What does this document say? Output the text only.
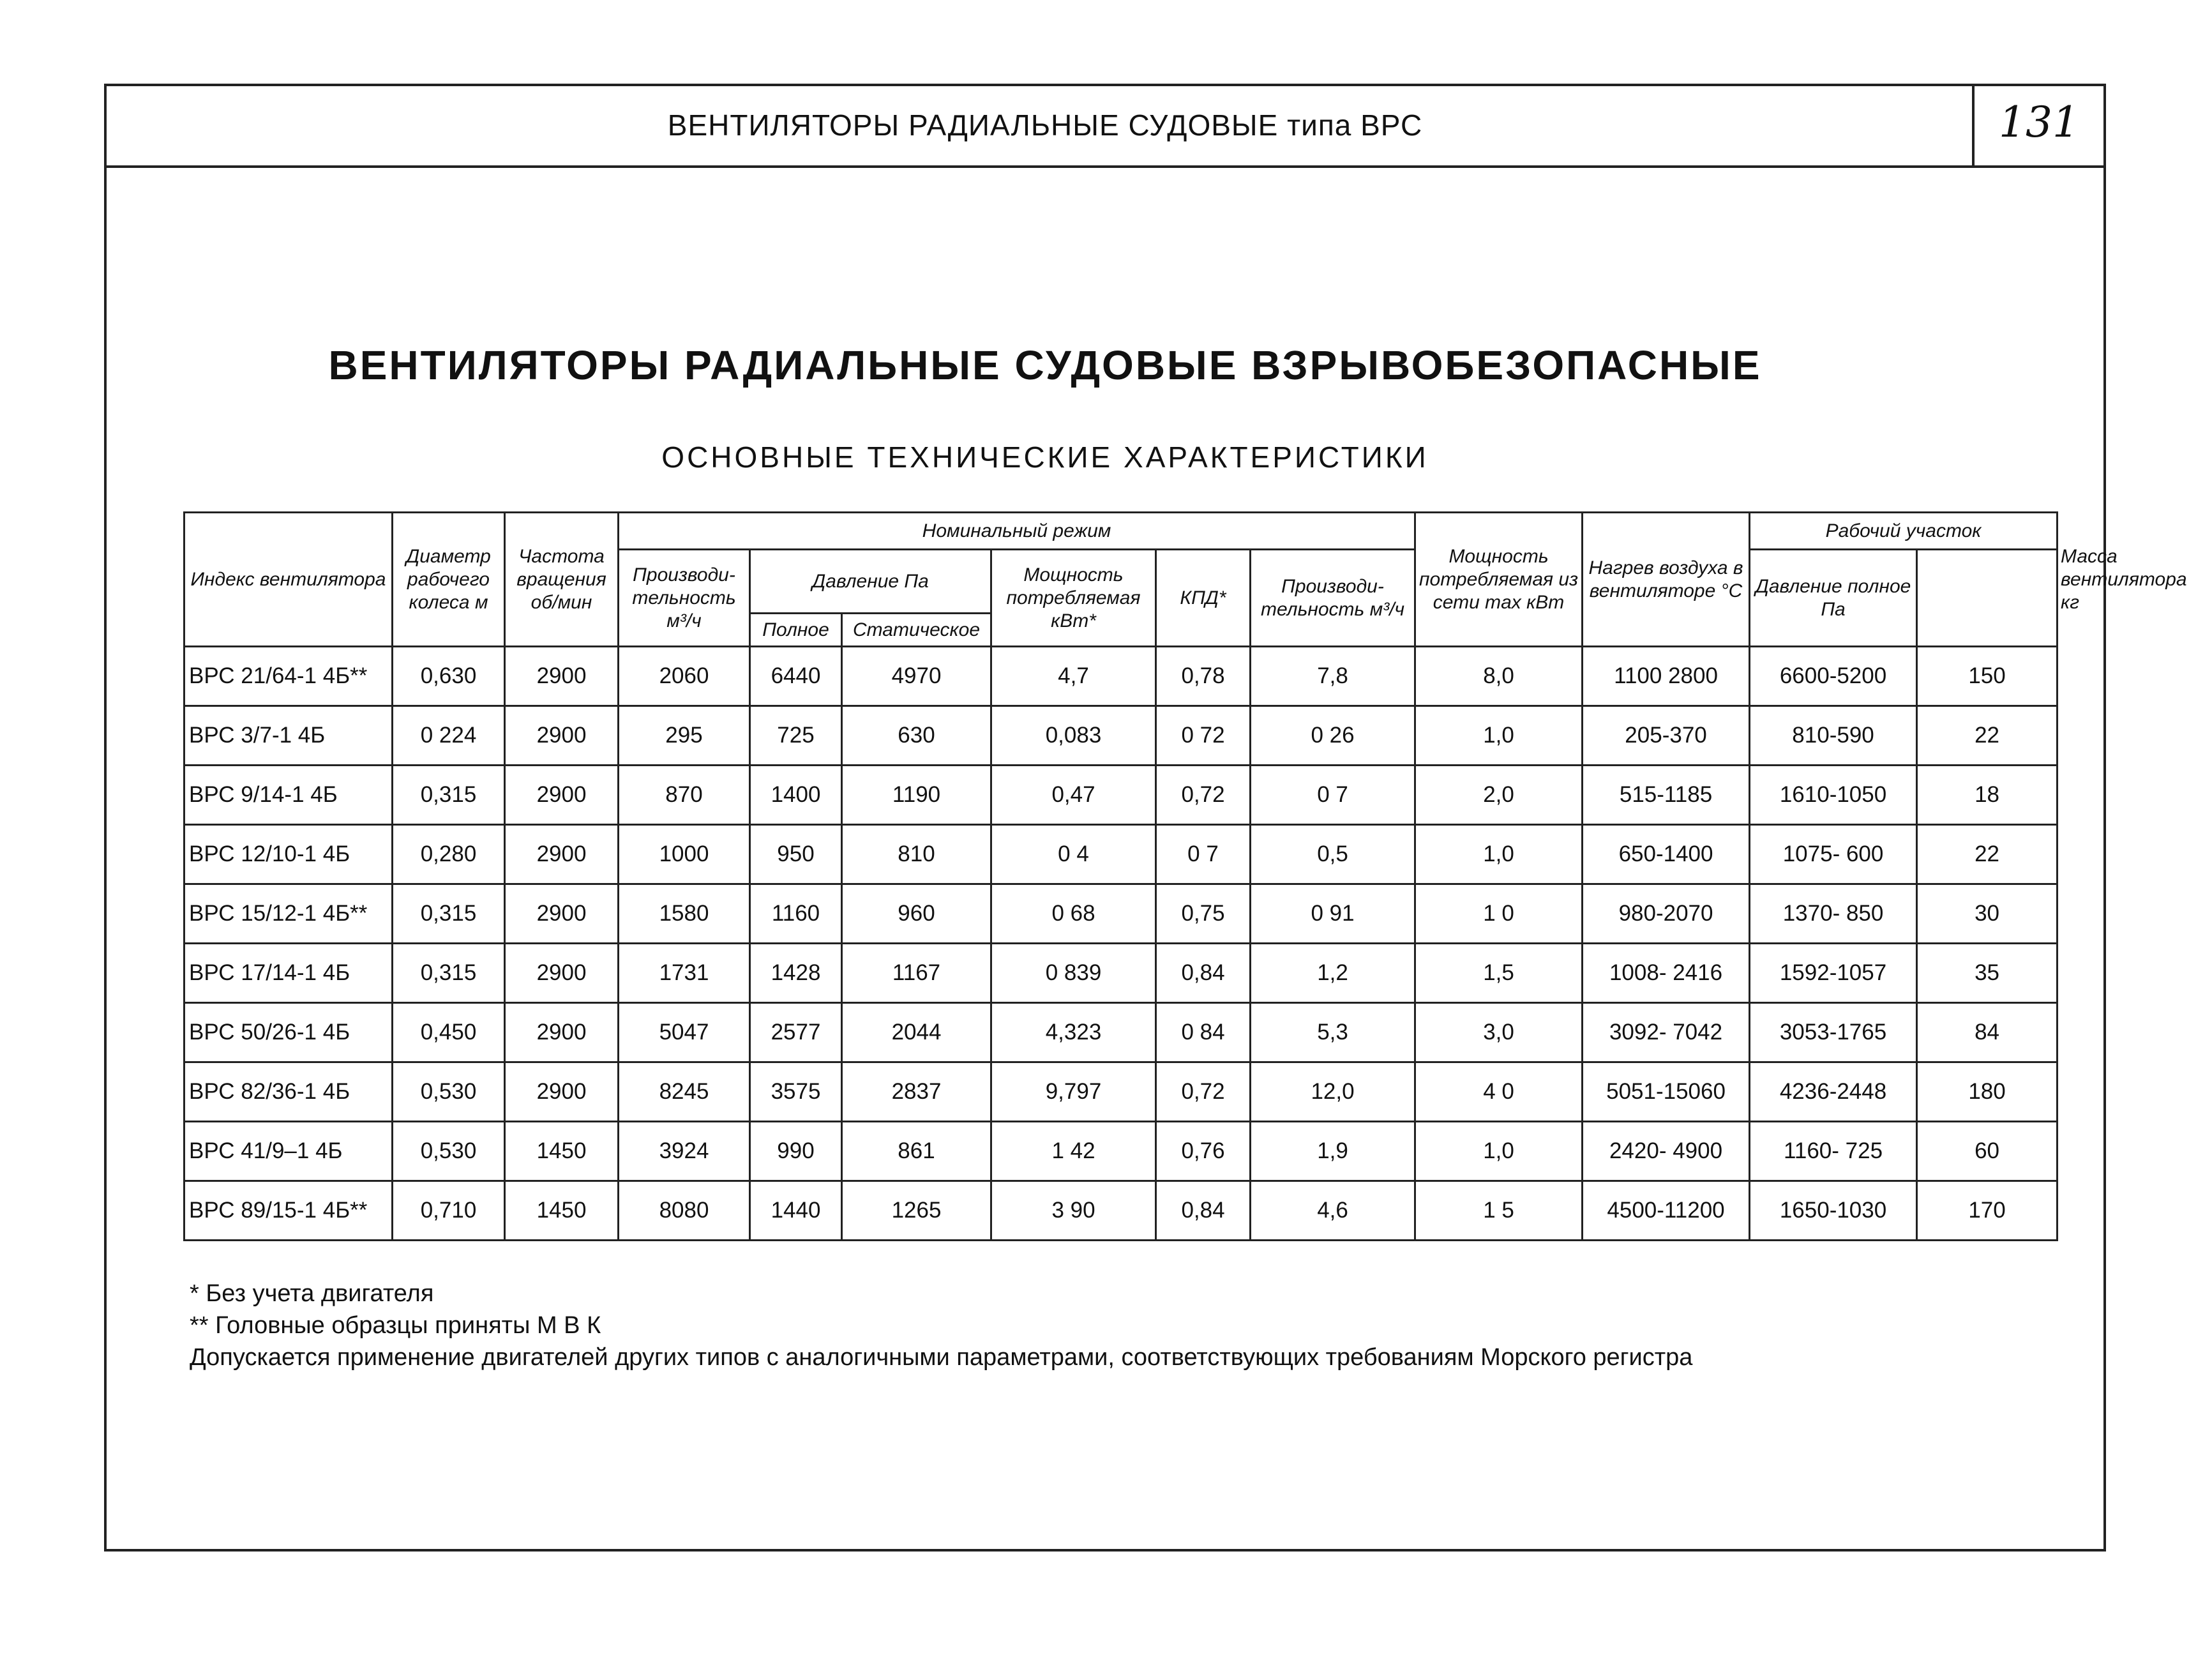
ВЕНТИЛЯТОРЫ РАДИАЛЬНЫЕ СУДОВЫЕ типа ВРС	131
ВЕНТИЛЯТОРЫ РАДИАЛЬНЫЕ СУДОВЫЕ ВЗРЫВОБЕЗОПАСНЫЕ
ОСНОВНЫЕ ТЕХНИЧЕСКИЕ ХАРАКТЕРИСТИКИ
Индекс вентилятора	Диаметр рабочего колеса м	Частота вращения об/мин	Номинальный режим						Мощность потребляемая из сети max кВт	Нагрев воздуха в вентиляторе °С	Рабочий участок		Масса вентилятора кг
			Производи-тельность м³/ч	Давление Па		Мощность потребляемая кВт*	КПД*	Производи-тельность м³/ч			Давление полное Па		
				Полное	Статическое								
ВРС 21/64-1 4Б**	0,630	2900	2060	6440	4970	4,7	0,78	7,8	8,0	1100 2800	6600-5200	150	
ВРС 3/7-1 4Б	0 224	2900	295	725	630	0,083	0 72	0 26	1,0	205-370	810-590	22	
ВРС 9/14-1 4Б	0,315	2900	870	1400	1190	0,47	0,72	0 7	2,0	515-1185	1610-1050	18	
ВРС 12/10-1 4Б	0,280	2900	1000	950	810	0 4	0 7	0,5	1,0	650-1400	1075- 600	22	
ВРС 15/12-1 4Б**	0,315	2900	1580	1160	960	0 68	0,75	0 91	1 0	980-2070	1370- 850	30	
ВРС 17/14-1 4Б	0,315	2900	1731	1428	1167	0 839	0,84	1,2	1,5	1008- 2416	1592-1057	35	
ВРС 50/26-1 4Б	0,450	2900	5047	2577	2044	4,323	0 84	5,3	3,0	3092- 7042	3053-1765	84	
ВРС 82/36-1 4Б	0,530	2900	8245	3575	2837	9,797	0,72	12,0	4 0	5051-15060	4236-2448	180	
ВРС 41/9–1 4Б	0,530	1450	3924	990	861	1 42	0,76	1,9	1,0	2420- 4900	1160- 725	60	
ВРС 89/15-1 4Б**	0,710	1450	8080	1440	1265	3 90	0,84	4,6	1 5	4500-11200	1650-1030	170	
* Без учета двигателя
** Головные образцы приняты М В К
Допускается применение двигателей других типов с аналогичными параметрами, соответствующих требованиям Морского регистра
